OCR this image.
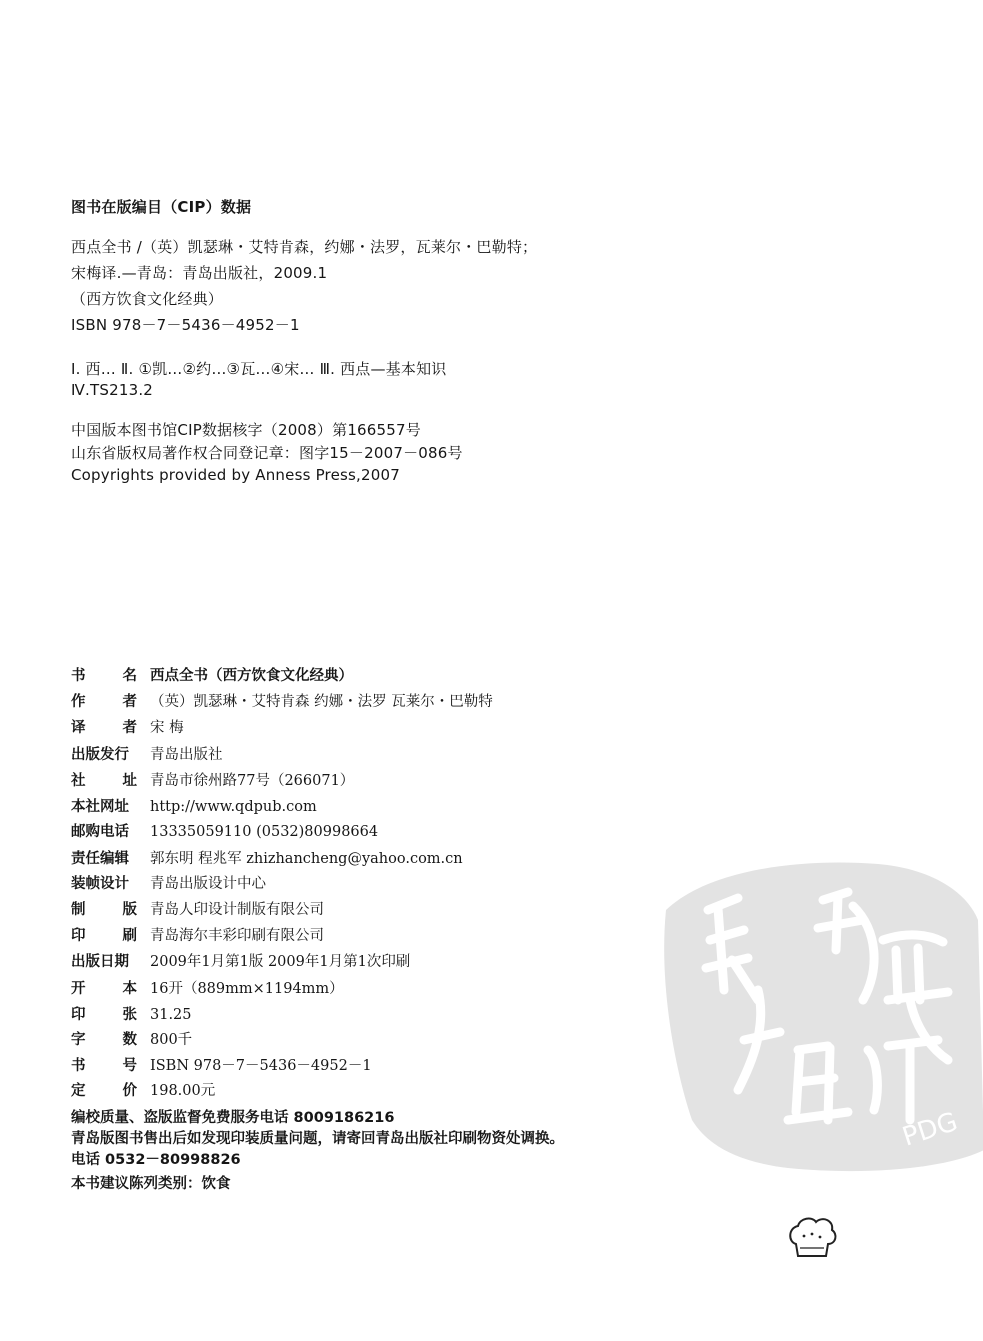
​
图书在版编目（CIP）数据
西点全书 /（英）凯瑟琳・艾特肯森，约娜・法罗，瓦莱尔・巴勒特；
宋梅译.—青岛：青岛出版社，2009.1
（西方饮食文化经典）
ISBN 978－7－5436－4952－1
Ⅰ. 西… Ⅱ. ①凯…②约…③瓦…④宋… Ⅲ. 西点—基本知识
Ⅳ.TS213.2
中国版本图书馆CIP数据核字（2008）第166557号
山东省版权局著作权合同登记章：图字15－2007－086号
Copyrights provided by Anness Press,2007
书	名 西点全书（西方饮食文化经典）
作	者 （英）凯瑟琳・艾特肯森 约娜・法罗 瓦莱尔・巴勒特
译	者 宋 梅
出版发行 青岛出版社
社	址 青岛市徐州路77号（266071）
本社网址 http://www.qdpub.com
邮购电话 13335059110 (0532)80998664
责任编辑 郭东明 程兆军 zhizhancheng@yahoo.com.cn
装帧设计 青岛出版设计中心
制	版 青岛人印设计制版有限公司
印	刷 青岛海尔丰彩印刷有限公司
出版日期 2009年1月第1版 2009年1月第1次印刷
开	本 16开（889mm×1194mm）
印	张 31.25
字	数 800千
书	号 ISBN 978－7－5436－4952－1
定	价 198.00元
编校质量、盗版监督免费服务电话 8009186216
青岛版图书售出后如发现印装质量问题，请寄回青岛出版社印刷物资处调换。
电话 0532－80998826
本书建议陈列类别：饮食
PDG
